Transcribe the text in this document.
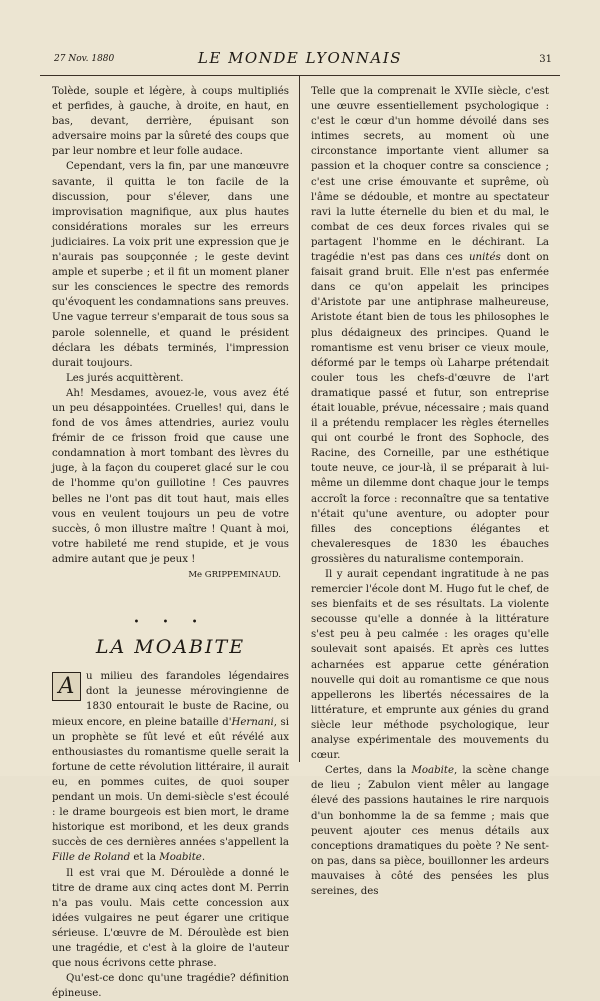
27 Nov. 1880	LE MONDE LYONNAIS	31

Tolède, souple et légère, à coups multipliés et perfides, à gauche, à droite, en haut, en bas, devant, derrière, épuisant son adversaire moins par la sûreté des coups que par leur nombre et leur folle audace.

Cependant, vers la fin, par une manœuvre savante, il quitta le ton facile de la discussion, pour s'élever, dans une improvisation magnifique, aux plus hautes considérations morales sur les erreurs judiciaires. La voix prit une expression que je n'aurais pas soupçonnée ; le geste devint ample et superbe ; et il fit un moment planer sur les consciences le spectre des remords qu'évoquent les condamnations sans preuves. Une vague terreur s'emparait de tous sous sa parole solennelle, et quand le président déclara les débats terminés, l'impression durait toujours.

Les jurés acquittèrent.

Ah! Mesdames, avouez-le, vous avez été un peu désappointées. Cruelles! qui, dans le fond de vos âmes attendries, auriez voulu frémir de ce frisson froid que cause une condamnation à mort tombant des lèvres du juge, à la façon du couperet glacé sur le cou de l'homme qu'on guillotine ! Ces pauvres belles ne l'ont pas dit tout haut, mais elles vous en veulent toujours un peu de votre succès, ô mon illustre maître ! Quant à moi, votre habileté me rend stupide, et je vous admire autant que je peux !

Me GRIPPEMINAUD.
• • •
LA MOABITE

A	u milieu des farandoles légendaires dont la jeunesse mérovingienne de 1830 entourait le buste de Racine, ou mieux encore, en pleine bataille d'Hernani, si un prophète se fût levé et eût révélé aux enthousiastes du romantisme quelle serait la fortune de cette révolution littéraire, il aurait eu, en pommes cuites, de quoi souper pendant un mois. Un demi-siècle s'est écoulé : le drame bourgeois est bien mort, le drame historique est moribond, et les deux grands succès de ces dernières années s'appellent la Fille de Roland et la Moabite.

Il est vrai que M. Déroulède a donné le titre de drame aux cinq actes dont M. Perrin n'a pas voulu. Mais cette concession aux idées vulgaires ne peut égarer une critique sérieuse. L'œuvre de M. Déroulède est bien une tragédie, et c'est à la gloire de l'auteur que nous écrivons cette phrase.

Qu'est-ce donc qu'une tragédie? définition épineuse.

Telle que la comprenait le XVIIe siècle, c'est une œuvre essentiellement psychologique : c'est le cœur d'un homme dévoilé dans ses intimes secrets, au moment où une circonstance importante vient allumer sa passion et la choquer contre sa conscience ; c'est une crise émouvante et suprême, où l'âme se dédouble, et montre au spectateur ravi la lutte éternelle du bien et du mal, le combat de ces deux forces rivales qui se partagent l'homme en le déchirant. La tragédie n'est pas dans ces unités dont on faisait grand bruit. Elle n'est pas enfermée dans ce qu'on appelait les principes d'Aristote par une antiphrase malheureuse, Aristote étant bien de tous les philosophes le plus dédaigneux des principes. Quand le romantisme est venu briser ce vieux moule, déformé par le temps où Laharpe prétendait couler tous les chefs-d'œuvre de l'art dramatique passé et futur, son entreprise était louable, prévue, nécessaire ; mais quand il a prétendu remplacer les règles éternelles qui ont courbé le front des Sophocle, des Racine, des Corneille, par une esthétique toute neuve, ce jour-là, il se préparait à lui-même un dilemme dont chaque jour le temps accroît la force : reconnaître que sa tentative n'était qu'une aventure, ou adopter pour filles des conceptions élégantes et chevaleresques de 1830 les ébauches grossières du naturalisme contemporain.

Il y aurait cependant ingratitude à ne pas remercier l'école dont M. Hugo fut le chef, de ses bienfaits et de ses résultats. La violente secousse qu'elle a donnée à la littérature s'est peu à peu calmée : les orages qu'elle soulevait sont apaisés. Et après ces luttes acharnées est apparue cette génération nouvelle qui doit au romantisme ce que nous appellerons les libertés nécessaires de la littérature, et emprunte aux génies du grand siècle leur méthode psychologique, leur analyse expérimentale des mouvements du cœur.

Certes, dans la Moabite, la scène change de lieu ; Zabulon vient mêler au langage élevé des passions hautaines le rire narquois d'un bonhomme la de sa femme ; mais que peuvent ajouter ces menus détails aux conceptions dramatiques du poète ? Ne sent-on pas, dans sa pièce, bouillonner les ardeurs mauvaises à côté des pensées les plus sereines, des
